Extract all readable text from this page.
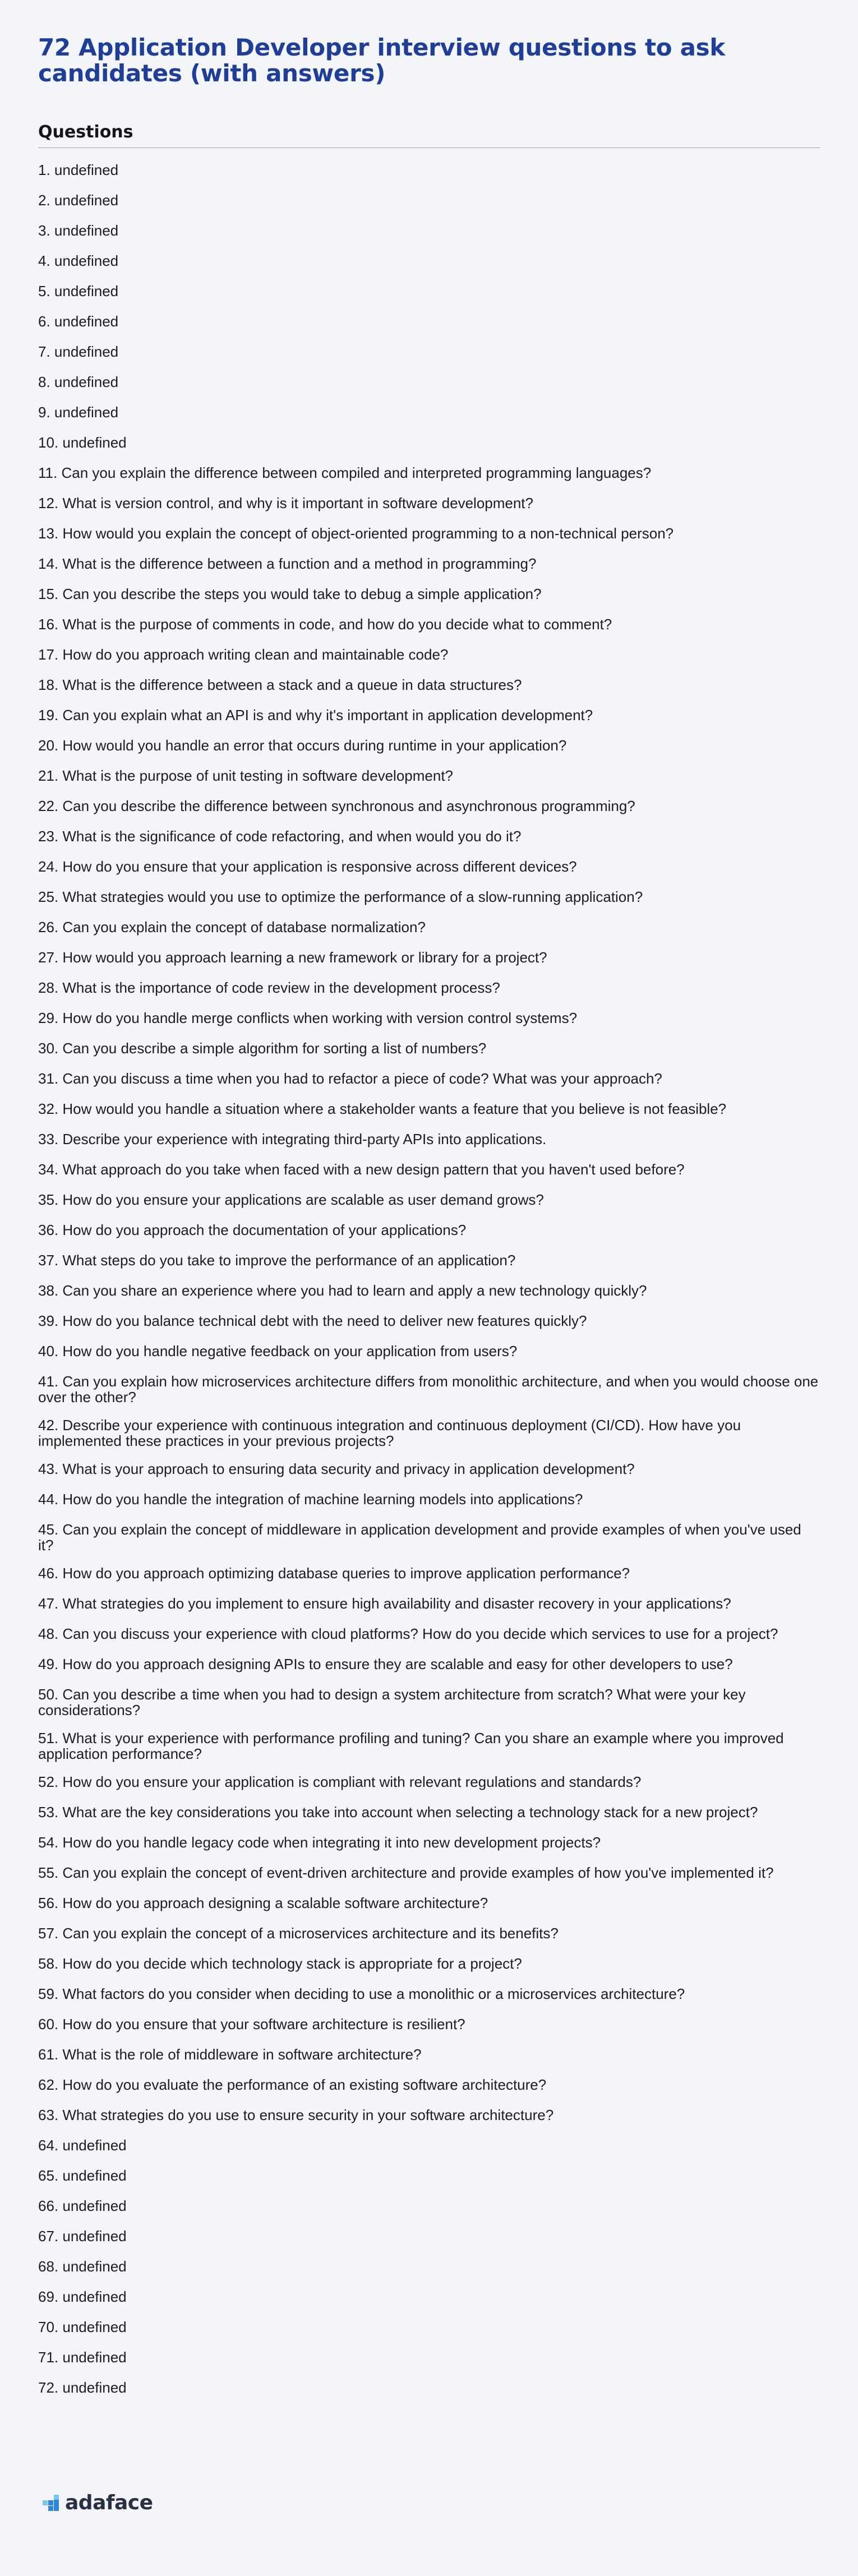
72 Application Developer interview questions to ask candidates (with answers)
Questions
1. undefined
2. undefined
3. undefined
4. undefined
5. undefined
6. undefined
7. undefined
8. undefined
9. undefined
10. undefined
11. Can you explain the difference between compiled and interpreted programming languages?
12. What is version control, and why is it important in software development?
13. How would you explain the concept of object-oriented programming to a non-technical person?
14. What is the difference between a function and a method in programming?
15. Can you describe the steps you would take to debug a simple application?
16. What is the purpose of comments in code, and how do you decide what to comment?
17. How do you approach writing clean and maintainable code?
18. What is the difference between a stack and a queue in data structures?
19. Can you explain what an API is and why it's important in application development?
20. How would you handle an error that occurs during runtime in your application?
21. What is the purpose of unit testing in software development?
22. Can you describe the difference between synchronous and asynchronous programming?
23. What is the significance of code refactoring, and when would you do it?
24. How do you ensure that your application is responsive across different devices?
25. What strategies would you use to optimize the performance of a slow-running application?
26. Can you explain the concept of database normalization?
27. How would you approach learning a new framework or library for a project?
28. What is the importance of code review in the development process?
29. How do you handle merge conflicts when working with version control systems?
30. Can you describe a simple algorithm for sorting a list of numbers?
31. Can you discuss a time when you had to refactor a piece of code? What was your approach?
32. How would you handle a situation where a stakeholder wants a feature that you believe is not feasible?
33. Describe your experience with integrating third-party APIs into applications.
34. What approach do you take when faced with a new design pattern that you haven't used before?
35. How do you ensure your applications are scalable as user demand grows?
36. How do you approach the documentation of your applications?
37. What steps do you take to improve the performance of an application?
38. Can you share an experience where you had to learn and apply a new technology quickly?
39. How do you balance technical debt with the need to deliver new features quickly?
40. How do you handle negative feedback on your application from users?
41. Can you explain how microservices architecture differs from monolithic architecture, and when you would choose one over the other?
42. Describe your experience with continuous integration and continuous deployment (CI/CD). How have you implemented these practices in your previous projects?
43. What is your approach to ensuring data security and privacy in application development?
44. How do you handle the integration of machine learning models into applications?
45. Can you explain the concept of middleware in application development and provide examples of when you've used it?
46. How do you approach optimizing database queries to improve application performance?
47. What strategies do you implement to ensure high availability and disaster recovery in your applications?
48. Can you discuss your experience with cloud platforms? How do you decide which services to use for a project?
49. How do you approach designing APIs to ensure they are scalable and easy for other developers to use?
50. Can you describe a time when you had to design a system architecture from scratch? What were your key considerations?
51. What is your experience with performance profiling and tuning? Can you share an example where you improved application performance?
52. How do you ensure your application is compliant with relevant regulations and standards?
53. What are the key considerations you take into account when selecting a technology stack for a new project?
54. How do you handle legacy code when integrating it into new development projects?
55. Can you explain the concept of event-driven architecture and provide examples of how you've implemented it?
56. How do you approach designing a scalable software architecture?
57. Can you explain the concept of a microservices architecture and its benefits?
58. How do you decide which technology stack is appropriate for a project?
59. What factors do you consider when deciding to use a monolithic or a microservices architecture?
60. How do you ensure that your software architecture is resilient?
61. What is the role of middleware in software architecture?
62. How do you evaluate the performance of an existing software architecture?
63. What strategies do you use to ensure security in your software architecture?
64. undefined
65. undefined
66. undefined
67. undefined
68. undefined
69. undefined
70. undefined
71. undefined
72. undefined
adaface
